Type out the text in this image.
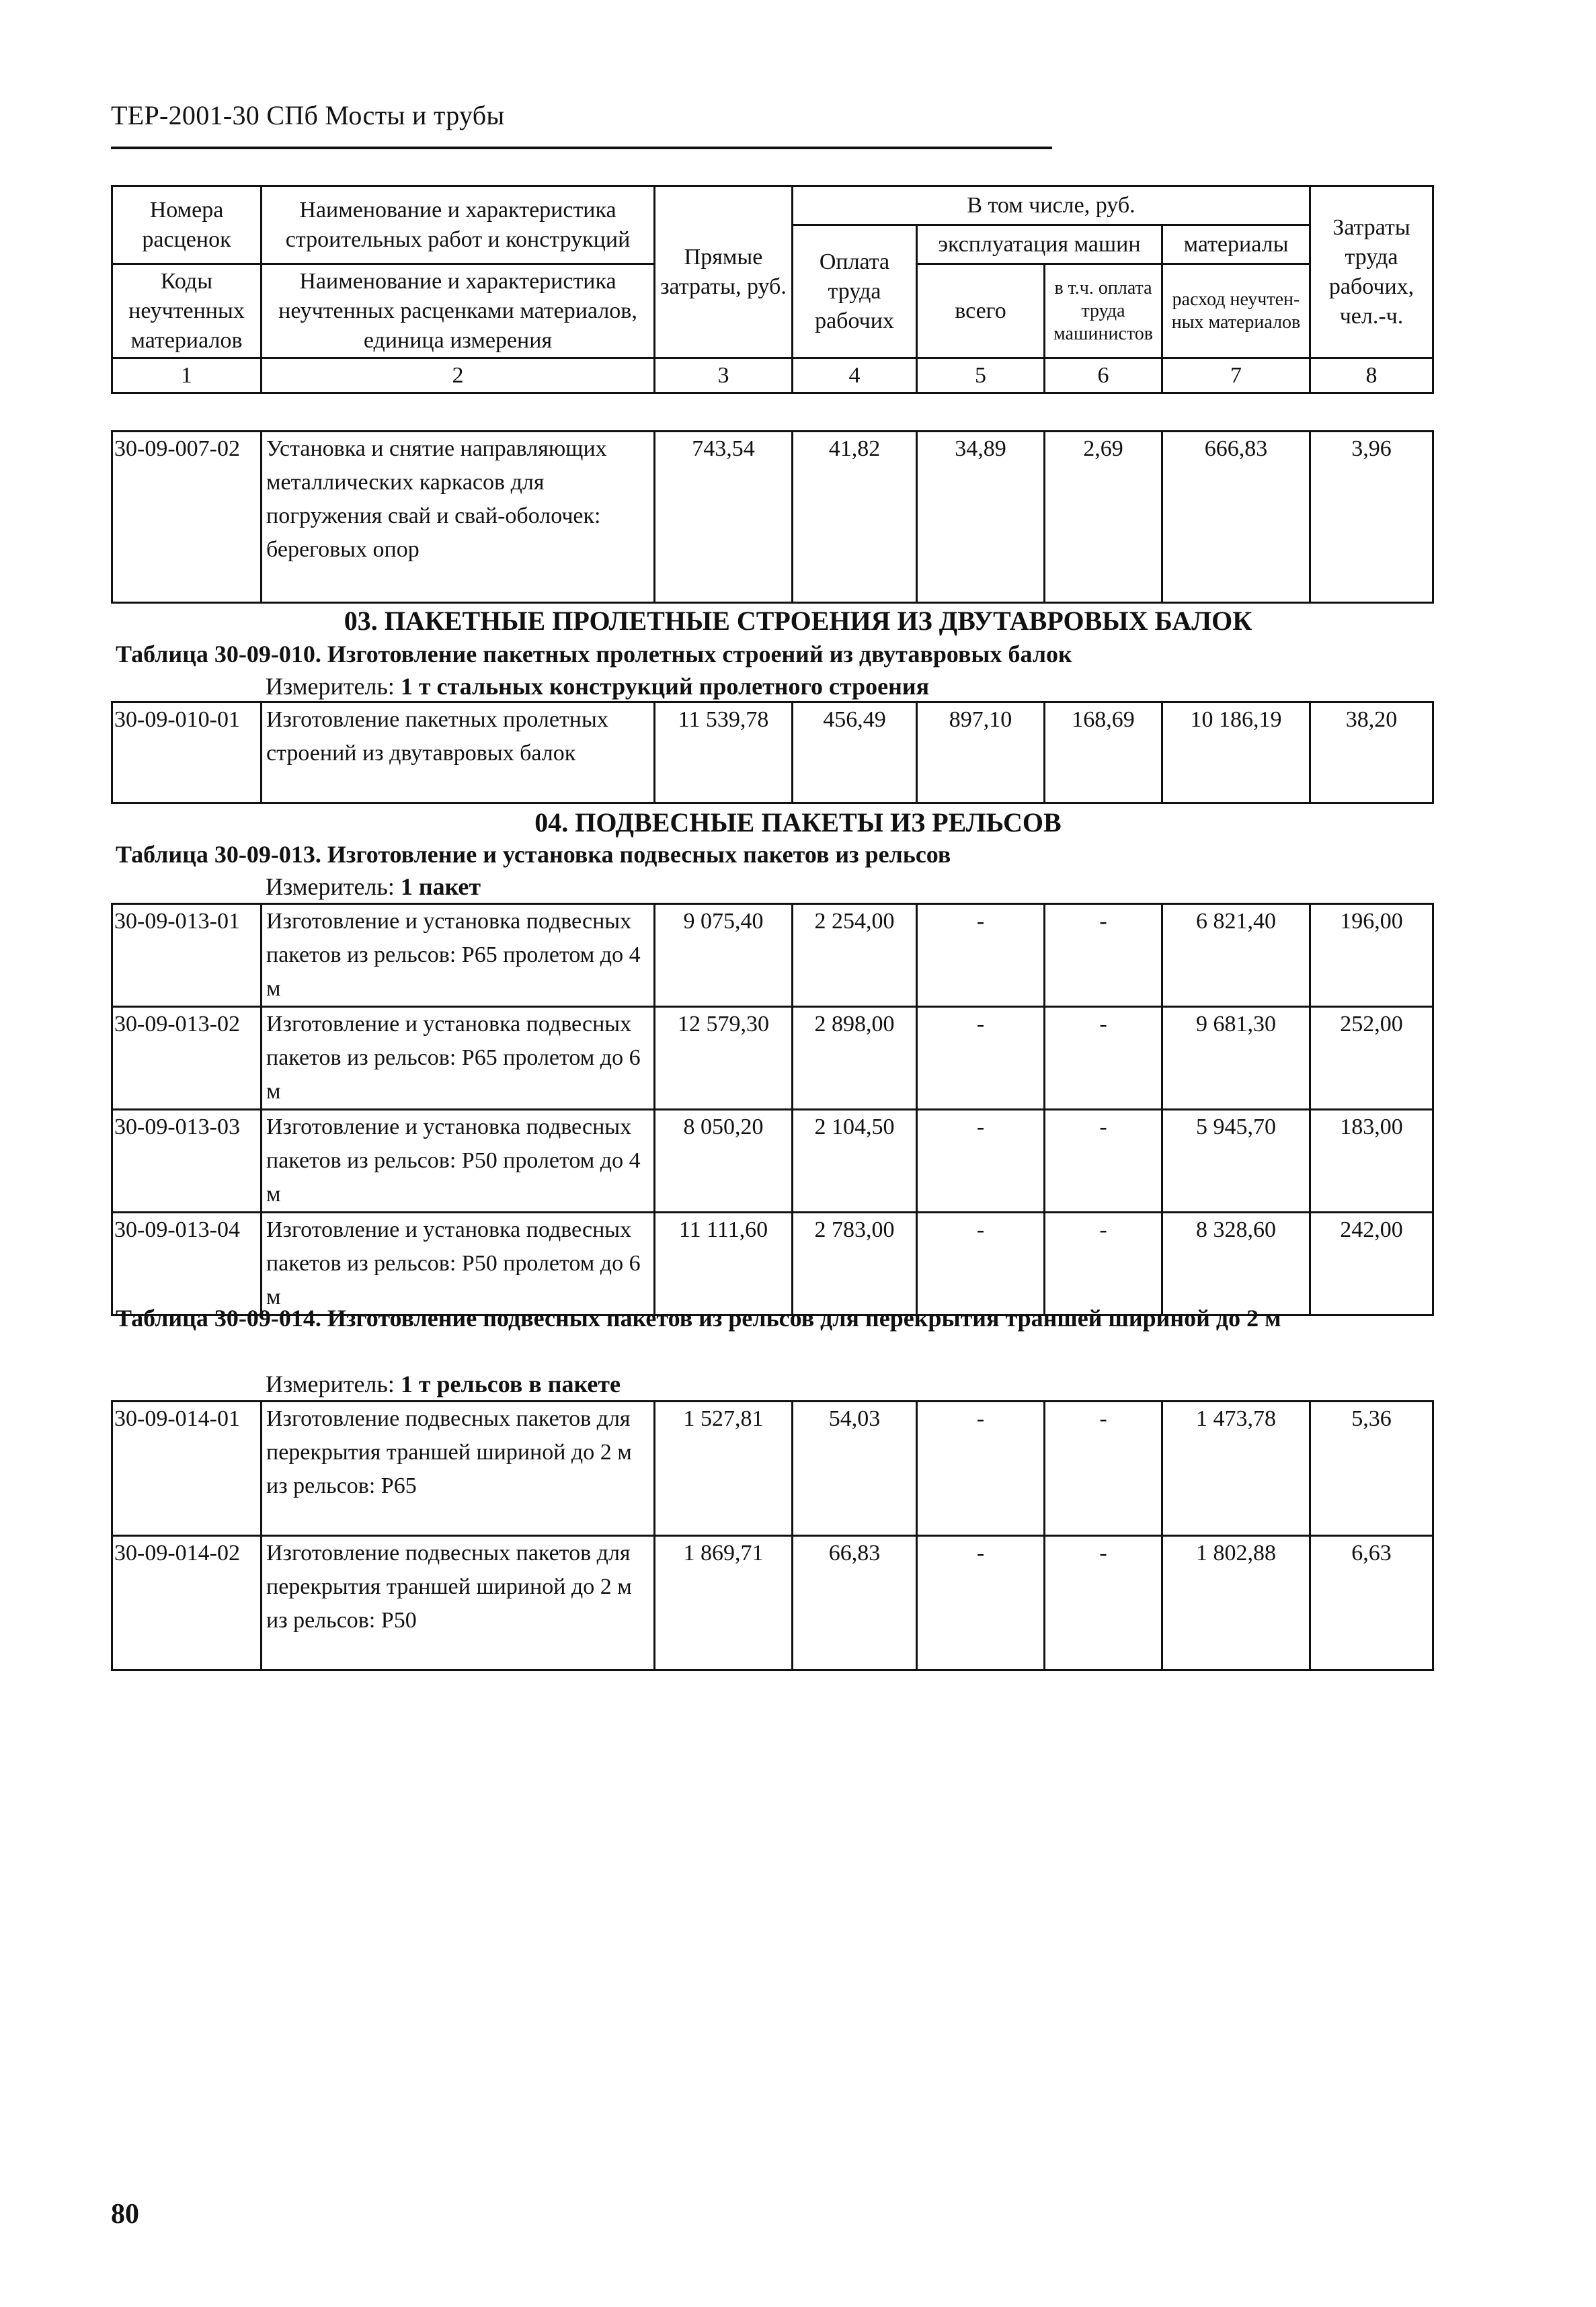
ТЕР-2001-30 СПб Мосты и трубы
Номера расценок	Наименование и характеристика строительных работ и конструкций	Прямые затраты, руб.	В том числе, руб.				Затраты труда рабочих, чел.-ч.
			Оплата труда рабочих	эксплуатация машин		материалы	
Коды неучтенных материалов	Наименование и характеристика неучтенных расценками материалов, единица измерения			всего	в т.ч. оплата труда машинистов	расход неучтен-ных материалов	

1	2	3	4	5	6	7	8
30-09-007-02	Установка и снятие направляющих металлических каркасов для погружения свай и свай-оболочек: береговых опор	743,54	41,82	34,89	2,69	666,83	3,96
03. ПАКЕТНЫЕ ПРОЛЕТНЫЕ СТРОЕНИЯ ИЗ ДВУТАВРОВЫХ БАЛОК
Таблица 30-09-010. Изготовление пакетных пролетных строений из двутавровых балок
Измеритель: 1 т стальных конструкций пролетного строения
30-09-010-01	Изготовление пакетных пролетных строений из двутавровых балок	11 539,78	456,49	897,10	168,69	10 186,19	38,20
04. ПОДВЕСНЫЕ ПАКЕТЫ ИЗ РЕЛЬСОВ
Таблица 30-09-013. Изготовление и установка подвесных пакетов из рельсов
Измеритель: 1 пакет
30-09-013-01	Изготовление и установка подвесных пакетов из рельсов: Р65 пролетом до 4 м	9 075,40	2 254,00	-	-	6 821,40	196,00
30-09-013-02	Изготовление и установка подвесных пакетов из рельсов: Р65 пролетом до 6 м	12 579,30	2 898,00	-	-	9 681,30	252,00
30-09-013-03	Изготовление и установка подвесных пакетов из рельсов: Р50 пролетом до 4 м	8 050,20	2 104,50	-	-	5 945,70	183,00
30-09-013-04	Изготовление и установка подвесных пакетов из рельсов: Р50 пролетом до 6 м	11 111,60	2 783,00	-	-	8 328,60	242,00
Таблица 30-09-014. Изготовление подвесных пакетов из рельсов для перекрытия траншей шириной до 2 м
Измеритель: 1 т рельсов в пакете
30-09-014-01	Изготовление подвесных пакетов для перекрытия траншей шириной до 2 м из рельсов: Р65	1 527,81	54,03	-	-	1 473,78	5,36
30-09-014-02	Изготовление подвесных пакетов для перекрытия траншей шириной до 2 м из рельсов: Р50	1 869,71	66,83	-	-	1 802,88	6,63
80
